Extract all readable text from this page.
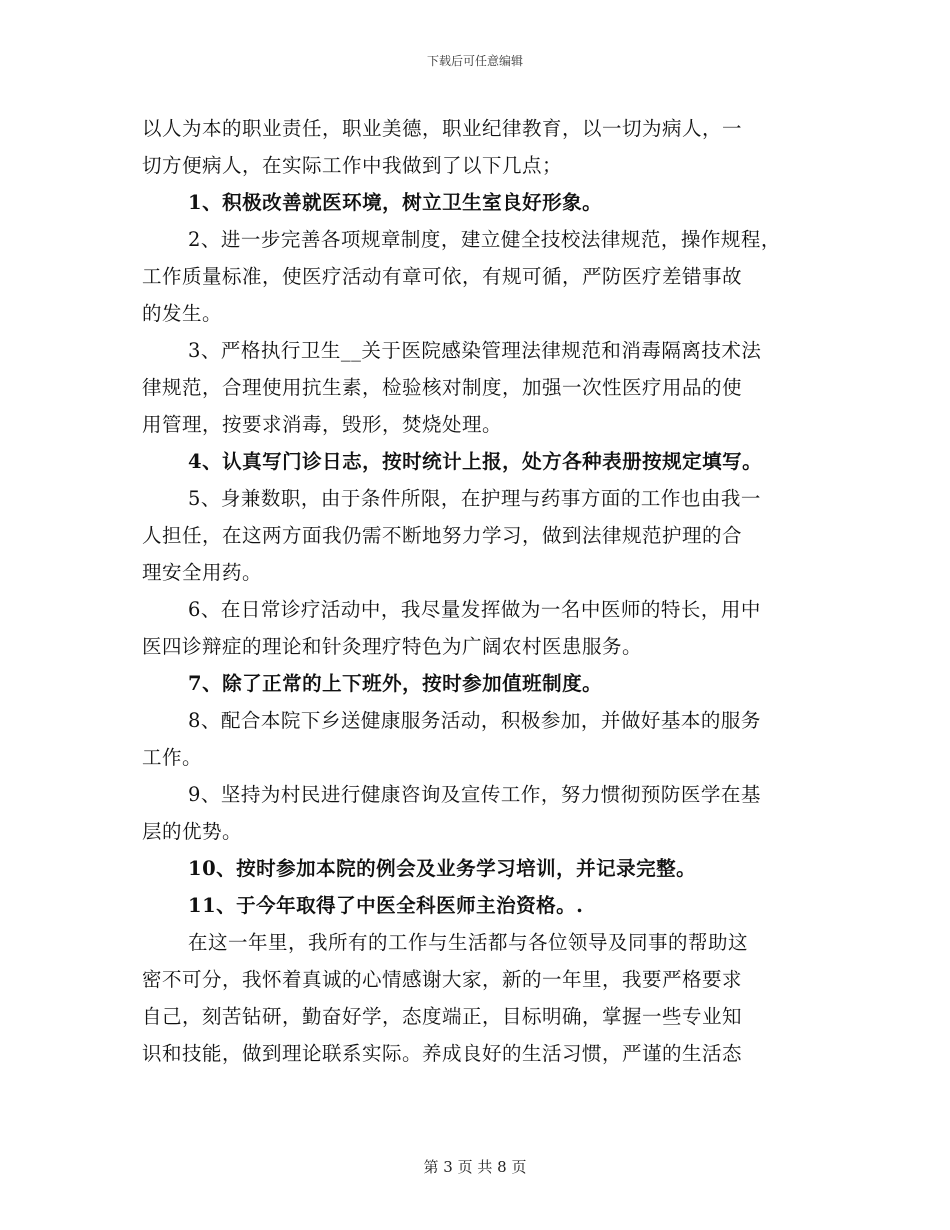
下载后可任意编辑
以人为本的职业责任，职业美德，职业纪律教育，以一切为病人，一
切方便病人，在实际工作中我做到了以下几点；
1、积极改善就医环境，树立卫生室良好形象。
2、进一步完善各项规章制度，建立健全技校法律规范，操作规程，
工作质量标准，使医疗活动有章可依，有规可循，严防医疗差错事故
的发生。
3、严格执行卫生__关于医院感染管理法律规范和消毒隔离技术法
律规范，合理使用抗生素，检验核对制度，加强一次性医疗用品的使
用管理，按要求消毒，毁形，焚烧处理。
4、认真写门诊日志，按时统计上报，处方各种表册按规定填写。
5、身兼数职，由于条件所限，在护理与药事方面的工作也由我一
人担任，在这两方面我仍需不断地努力学习，做到法律规范护理的合
理安全用药。
6、在日常诊疗活动中，我尽量发挥做为一名中医师的特长，用中
医四诊辩症的理论和针灸理疗特色为广阔农村医患服务。
7、除了正常的上下班外，按时参加值班制度。
8、配合本院下乡送健康服务活动，积极参加，并做好基本的服务
工作。
9、坚持为村民进行健康咨询及宣传工作，努力惯彻预防医学在基
层的优势。
10、按时参加本院的例会及业务学习培训，并记录完整。
11、于今年取得了中医全科医师主治资格。.
在这一年里，我所有的工作与生活都与各位领导及同事的帮助这
密不可分，我怀着真诚的心情感谢大家，新的一年里，我要严格要求
自己，刻苦钻研，勤奋好学，态度端正，目标明确，掌握一些专业知
识和技能，做到理论联系实际。养成良好的生活习惯，严谨的生活态
第 3 页 共 8 页
